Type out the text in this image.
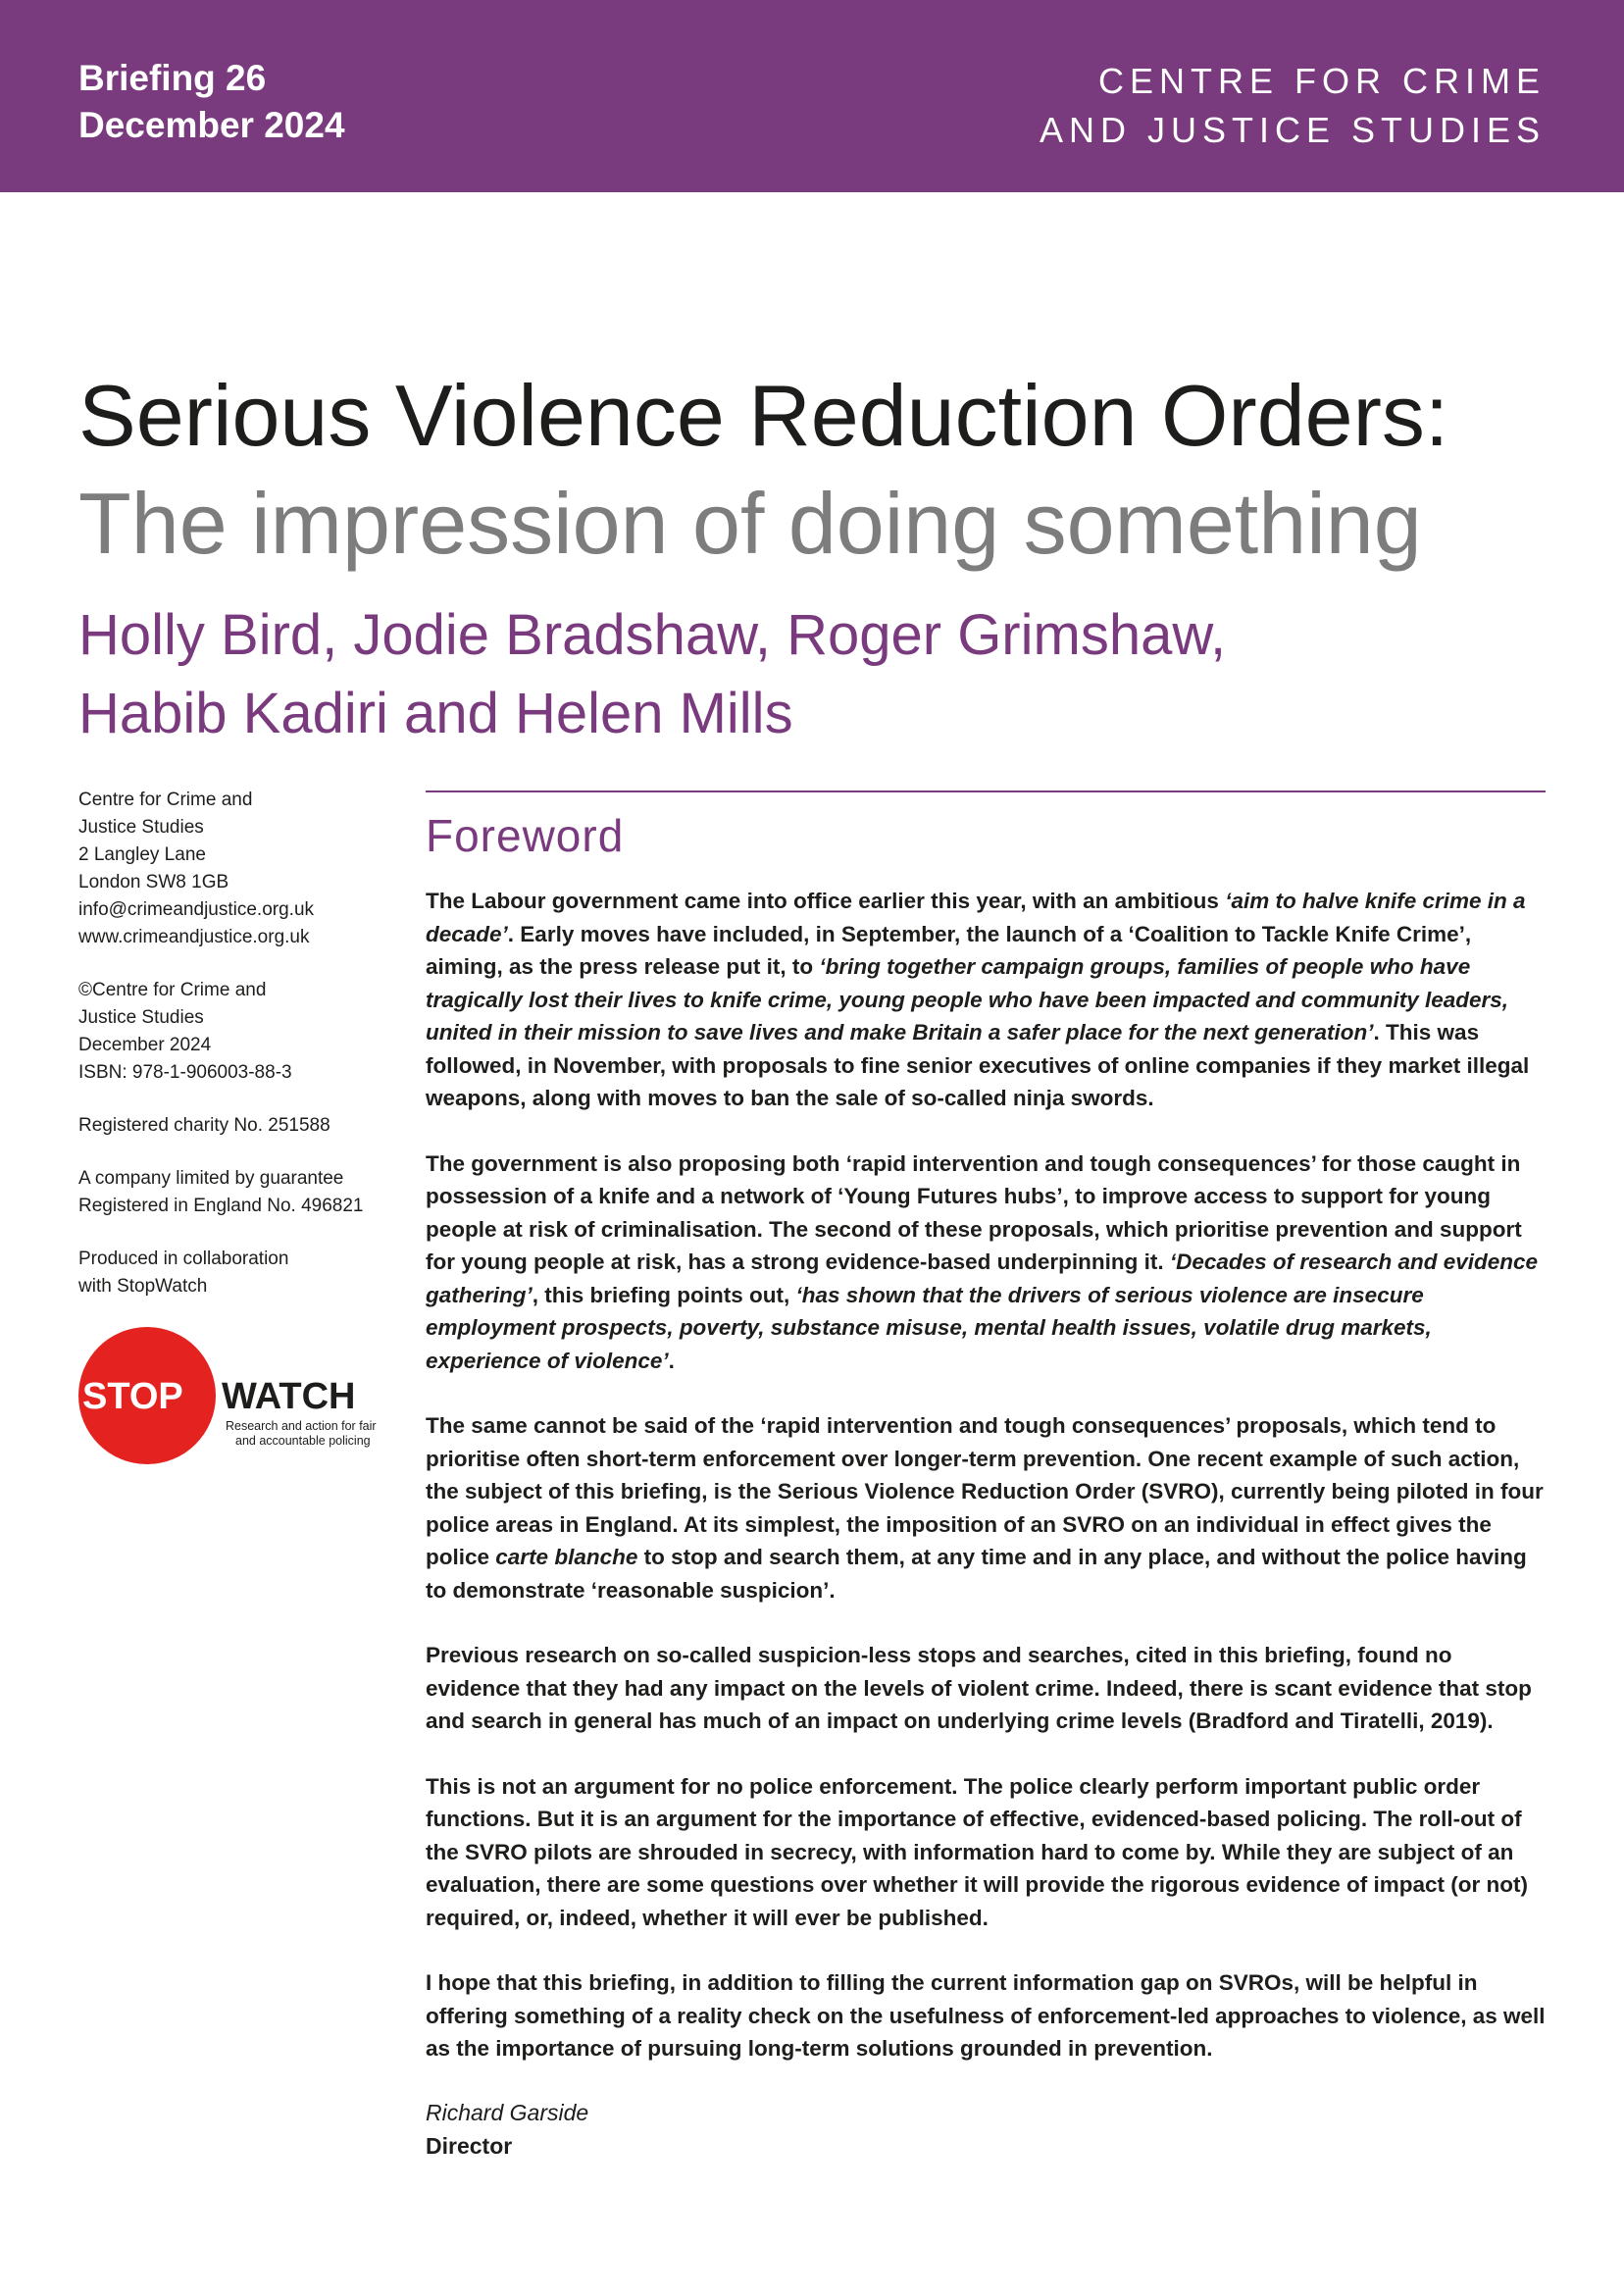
Briefing 26
December 2024
CENTRE FOR CRIME
AND JUSTICE STUDIES
Serious Violence Reduction Orders:
The impression of doing something
Holly Bird, Jodie Bradshaw, Roger Grimshaw,
Habib Kadiri and Helen Mills
Centre for Crime and
Justice Studies
2 Langley Lane
London SW8 1GB
info@crimeandjustice.org.uk
www.crimeandjustice.org.uk
©Centre for Crime and
Justice Studies
December 2024
ISBN: 978-1-906003-88-3
Registered charity No. 251588
A company limited by guarantee
Registered in England No. 496821
Produced in collaboration
with StopWatch
STOP WATCH
Research and action for fair
and accountable policing
Foreword

The Labour government came into office earlier this year, with an ambitious ‘aim to halve knife crime in a decade’. Early moves have included, in September, the launch of a ‘Coalition to Tackle Knife Crime’, aiming, as the press release put it, to ‘bring together campaign groups, families of people who have tragically lost their lives to knife crime, young people who have been impacted and community leaders, united in their mission to save lives and make Britain a safer place for the next generation’. This was followed, in November, with proposals to fine senior executives of online companies if they market illegal weapons, along with moves to ban the sale of so-called ninja swords.

The government is also proposing both ‘rapid intervention and tough consequences’ for those caught in possession of a knife and a network of ‘Young Futures hubs’, to improve access to support for young people at risk of criminalisation. The second of these proposals, which prioritise prevention and support for young people at risk, has a strong evidence-based underpinning it. ‘Decades of research and evidence gathering’, this briefing points out, ‘has shown that the drivers of serious violence are insecure employment prospects, poverty, substance misuse, mental health issues, volatile drug markets, experience of violence’.

The same cannot be said of the ‘rapid intervention and tough consequences’ proposals, which tend to prioritise often short-term enforcement over longer-term prevention. One recent example of such action, the subject of this briefing, is the Serious Violence Reduction Order (SVRO), currently being piloted in four police areas in England. At its simplest, the imposition of an SVRO on an individual in effect gives the police carte blanche to stop and search them, at any time and in any place, and without the police having to demonstrate ‘reasonable suspicion’.

Previous research on so-called suspicion-less stops and searches, cited in this briefing, found no evidence that they had any impact on the levels of violent crime. Indeed, there is scant evidence that stop and search in general has much of an impact on underlying crime levels (Bradford and Tiratelli, 2019).

This is not an argument for no police enforcement. The police clearly perform important public order functions. But it is an argument for the importance of effective, evidenced-based policing. The roll-out of the SVRO pilots are shrouded in secrecy, with information hard to come by. While they are subject of an evaluation, there are some questions over whether it will provide the rigorous evidence of impact (or not) required, or, indeed, whether it will ever be published.

I hope that this briefing, in addition to filling the current information gap on SVROs, will be helpful in offering something of a reality check on the usefulness of enforcement-led approaches to violence, as well as the importance of pursuing long-term solutions grounded in prevention.

Richard Garside
Director
